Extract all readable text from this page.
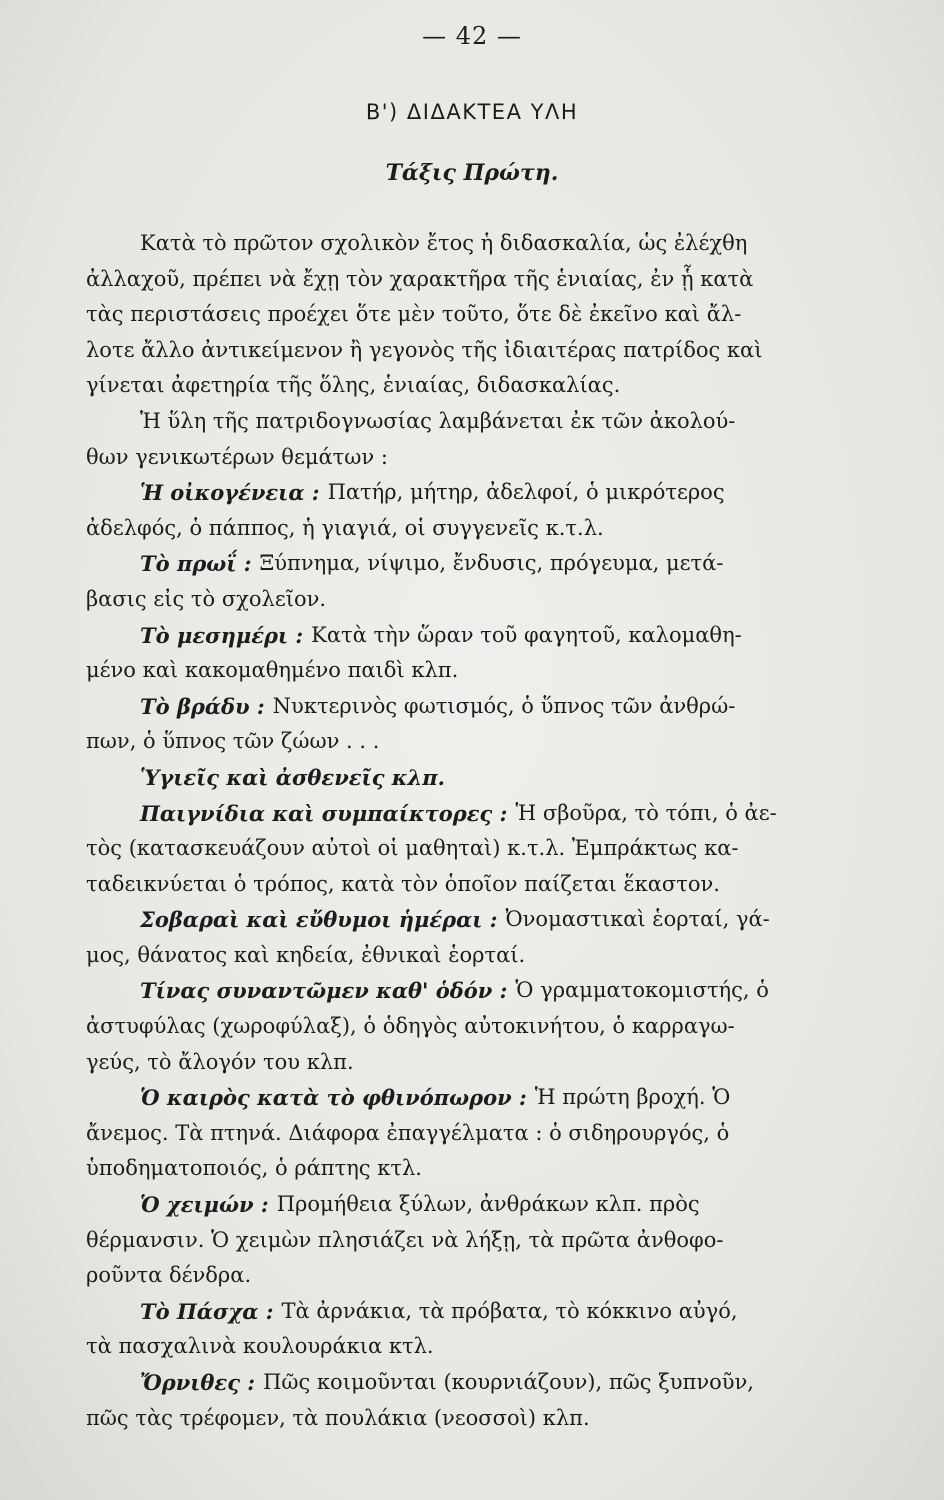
— 42 —
Β') ΔΙΔΑΚΤΕΑ ΥΛΗ
Τάξις Πρώτη.
Κατὰ τὸ πρῶτον σχολικὸν ἔτος ἡ διδασκαλία, ὡς ἐλέχθη
ἀλλαχοῦ, πρέπει νὰ ἔχῃ τὸν χαρακτῆρα τῆς ἑνιαίας, ἐν ᾗ κατὰ
τὰς περιστάσεις προέχει ὅτε μὲν τοῦτο, ὅτε δὲ ἐκεῖνο καὶ ἄλ-
λοτε ἄλλο ἀντικείμενον ἢ γεγονὸς τῆς ἰδιαιτέρας πατρίδος καὶ
γίνεται ἀφετηρία τῆς ὅλης, ἑνιαίας, διδασκαλίας.
Ἡ ὕλη τῆς πατριδογνωσίας λαμβάνεται ἐκ τῶν ἀκολού-
θων γενικωτέρων θεμάτων :
Ἡ οἰκογένεια : Πατήρ, μήτηρ, ἀδελφοί, ὁ μικρότερος
ἀδελφός, ὁ πάππος, ἡ γιαγιά, οἱ συγγενεῖς κ.τ.λ.
Τὸ πρωΐ : Ξύπνημα, νίψιμο, ἔνδυσις, πρόγευμα, μετά-
βασις εἰς τὸ σχολεῖον.
Τὸ μεσημέρι : Κατὰ τὴν ὥραν τοῦ φαγητοῦ, καλομαθη-
μένο καὶ κακομαθημένο παιδὶ κλπ.
Τὸ βράδυ : Νυκτερινὸς φωτισμός, ὁ ὕπνος τῶν ἀνθρώ-
πων, ὁ ὕπνος τῶν ζώων . . .
Ὑγιεῖς καὶ ἀσθενεῖς κλπ.
Παιγνίδια καὶ συμπαίκτορες : Ἡ σβοῦρα, τὸ τόπι, ὁ ἀε-
τὸς (κατασκευάζουν αὐτοὶ οἱ μαθηταὶ) κ.τ.λ. Ἐμπράκτως κα-
ταδεικνύεται ὁ τρόπος, κατὰ τὸν ὁποῖον παίζεται ἕκαστον.
Σοβαραὶ καὶ εὔθυμοι ἡμέραι : Ὀνομαστικαὶ ἑορταί, γά-
μος, θάνατος καὶ κηδεία, ἐθνικαὶ ἑορταί.
Τίνας συναντῶμεν καθ' ὁδόν : Ὁ γραμματοκομιστής, ὁ
ἀστυφύλας (χωροφύλαξ), ὁ ὁδηγὸς αὐτοκινήτου, ὁ καρραγω-
γεύς, τὸ ἄλογόν του κλπ.
Ὁ καιρὸς κατὰ τὸ φθινόπωρον : Ἡ πρώτη βροχή. Ὁ
ἄνεμος. Τὰ πτηνά. Διάφορα ἐπαγγέλματα : ὁ σιδηρουργός, ὁ
ὑποδηματοποιός, ὁ ράπτης κτλ.
Ὁ χειμών : Προμήθεια ξύλων, ἀνθράκων κλπ. πρὸς
θέρμανσιν. Ὁ χειμὼν πλησιάζει νὰ λήξῃ, τὰ πρῶτα ἀνθοφο-
ροῦντα δένδρα.
Τὸ Πάσχα : Τὰ ἀρνάκια, τὰ πρόβατα, τὸ κόκκινο αὐγό,
τὰ πασχαλινὰ κουλουράκια κτλ.
Ὄρνιθες : Πῶς κοιμοῦνται (κουρνιάζουν), πῶς ξυπνοῦν,
πῶς τὰς τρέφομεν, τὰ πουλάκια (νεοσσοὶ) κλπ.
